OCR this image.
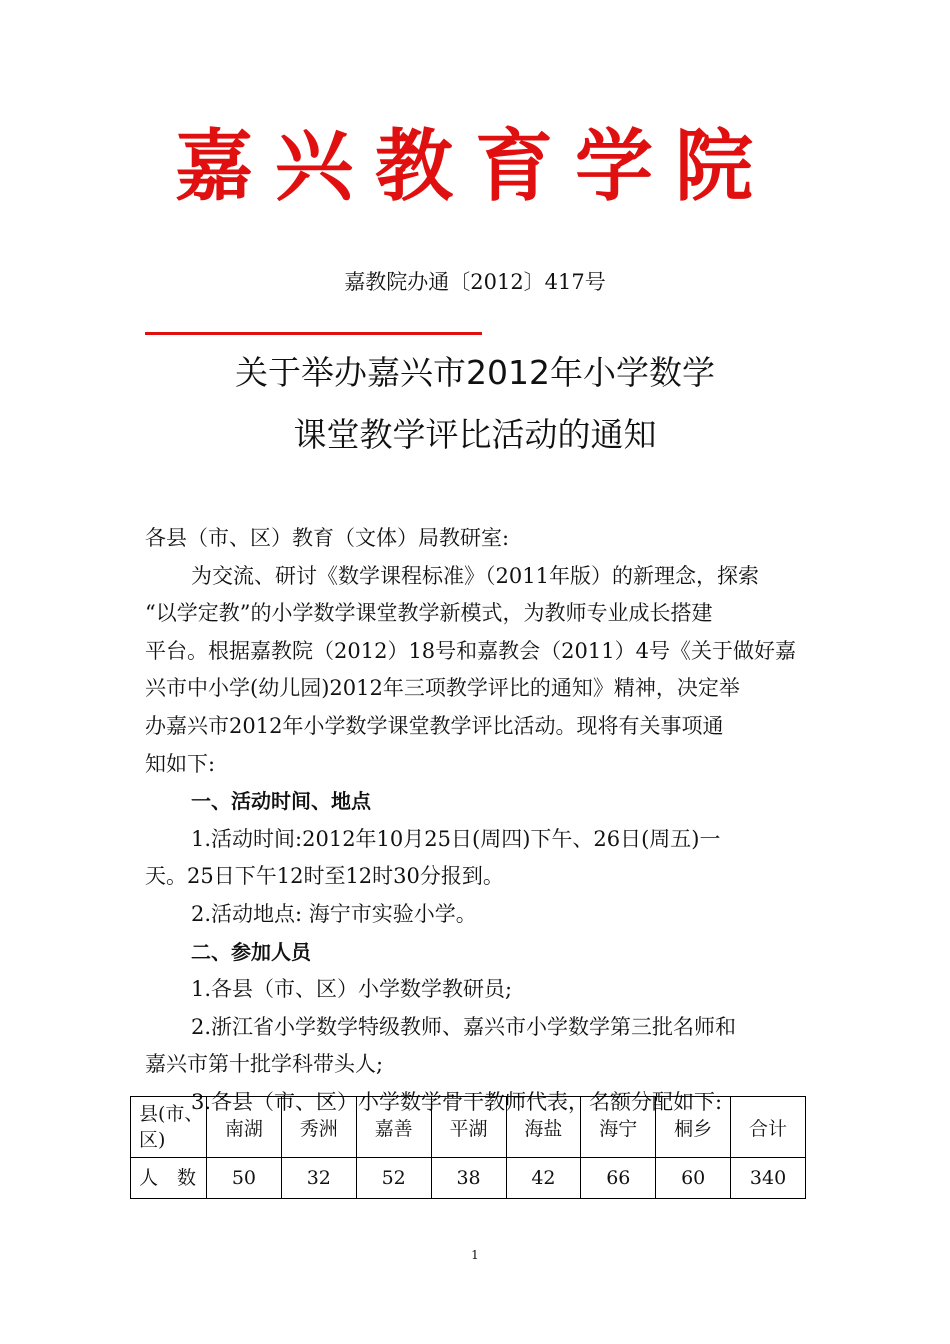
嘉兴教育学院
嘉教院办通〔2012〕417号
关于举办嘉兴市2012年小学数学
课堂教学评比活动的通知
各县（市、区）教育（文体）局教研室:
为交流、研讨《数学课程标准》（2011年版）的新理念，探索
“以学定教”的小学数学课堂教学新模式，为教师专业成长搭建
平台。根据嘉教院（2012）18号和嘉教会（2011）4号《关于做好嘉
兴市中小学(幼儿园)2012年三项教学评比的通知》精神，决定举
办嘉兴市2012年小学数学课堂教学评比活动。现将有关事项通
知如下:
一、活动时间、地点
1.活动时间:2012年10月25日(周四)下午、26日(周五)一
天。25日下午12时至12时30分报到。
2.活动地点: 海宁市实验小学。
二、参加人员
1.各县（市、区）小学数学教研员;
2.浙江省小学数学特级教师、嘉兴市小学数学第三批名师和
嘉兴市第十批学科带头人;
3.各县（市、区）小学数学骨干教师代表，名额分配如下:
县(市、区)	南湖	秀洲	嘉善	平湖	海盐	海宁	桐乡	合计
人　数	50	32	52	38	42	66	60	340
1
